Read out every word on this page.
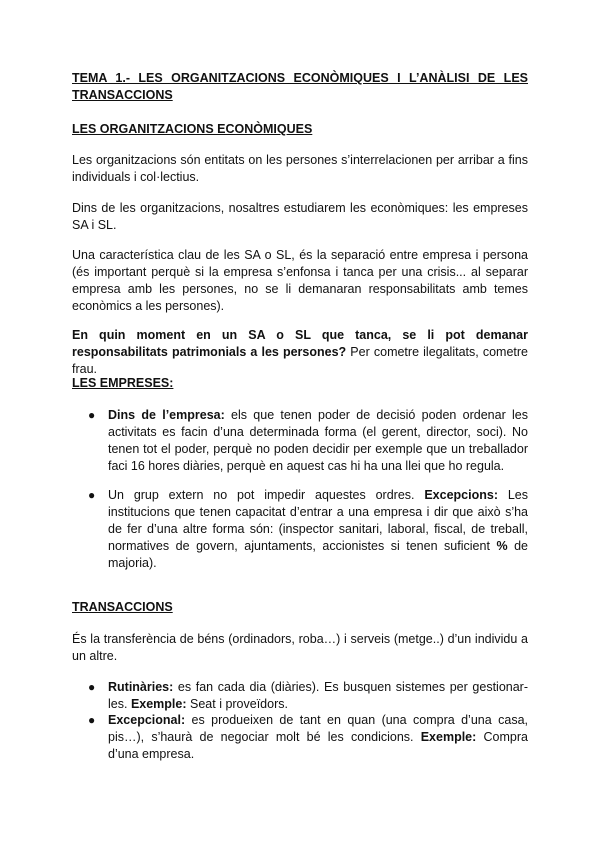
TEMA 1.- LES ORGANITZACIONS ECONÒMIQUES I L’ANÀLISI DE LES TRANSACCIONS

LES ORGANITZACIONS ECONÒMIQUES

Les organitzacions són entitats on les persones s’interrelacionen per arribar a fins individuals i col·lectius.

Dins de les organitzacions, nosaltres estudiarem les econòmiques: les empreses SA i SL.

Una característica clau de les SA o SL, és la separació entre empresa i persona (és important perquè si la empresa s’enfonsa i tanca per una crisis... al separar empresa amb les persones, no se li demanaran responsabilitats amb temes econòmics a les persones).

En quin moment en un SA o SL que tanca, se li pot demanar responsabilitats patrimonials a les persones? Per cometre ilegalitats, cometre frau.

LES EMPRESES:

● Dins de l’empresa: els que tenen poder de decisió poden ordenar les activitats es facin d’una determinada forma (el gerent, director, soci). No tenen tot el poder, perquè no poden decidir per exemple que un treballador faci 16 hores diàries, perquè en aquest cas hi ha una llei que ho regula.

● Un grup extern no pot impedir aquestes ordres. Excepcions: Les institucions que tenen capacitat d’entrar a una empresa i dir que això s’ha de fer d’una altre forma són: (inspector sanitari, laboral, fiscal, de treball, normatives de govern, ajuntaments, accionistes si tenen suficient % de majoria).

TRANSACCIONS

És la transferència de béns (ordinadors, roba…) i serveis (metge..) d’un individu a un altre.

● Rutinàries: es fan cada dia (diàries). Es busquen sistemes per gestionar-les. Exemple: Seat i proveïdors.

● Excepcional: es produeixen de tant en quan (una compra d’una casa, pis…), s’haurà de negociar molt bé les condicions. Exemple: Compra d’una empresa.
